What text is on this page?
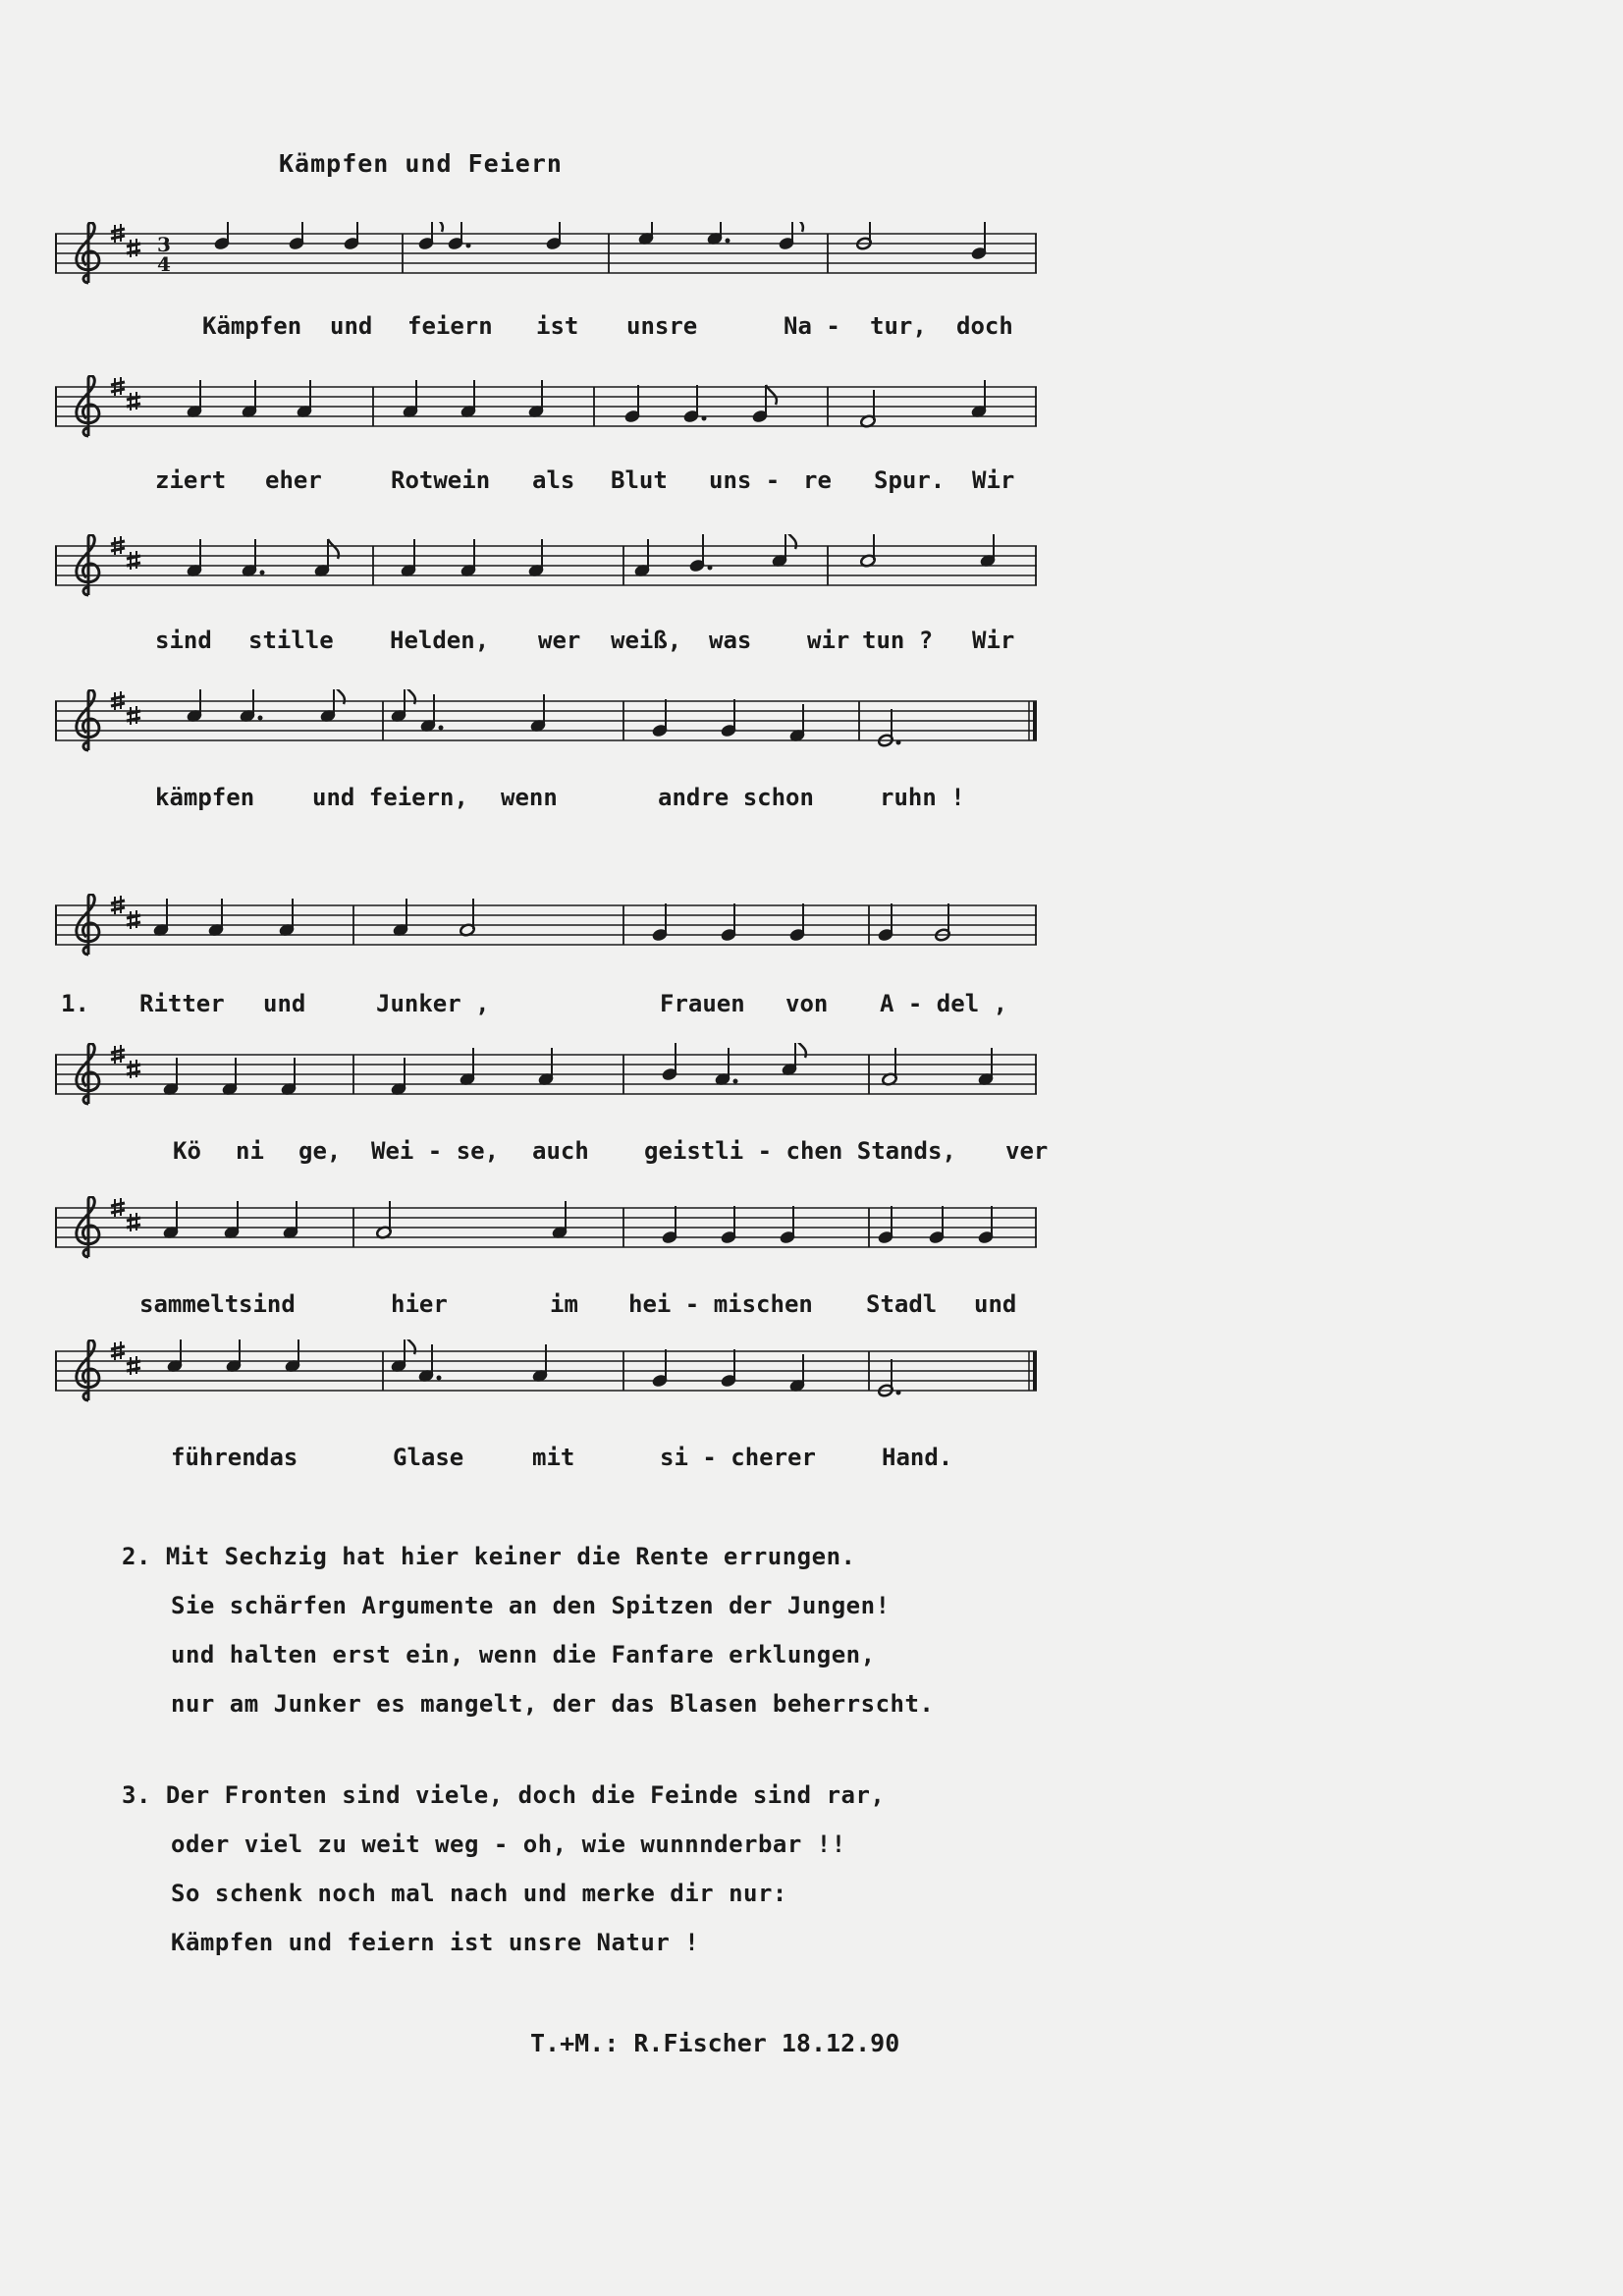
Kämpfen und Feiern
3
4
Kämpfen und feiern ist unsre	Na - tur, doch
ziert eher	Rotwein als Blut uns - re Spur. Wir
sind stille Helden, wer weiß, was wir tun ? Wir
kämpfen und feiern, wenn	andre schon	ruhn !
1. Ritter und	Junker ,	Frauen von A - del ,
Kö ni ge, Wei - se, auch geistli - chen Stands, ver
sammelt sind	hier	im hei - mischen Stadl und
führen das	Glase	mit	si - cherer	Hand.
2. Mit Sechzig hat hier keiner die Rente errungen.
Sie schärfen Argumente an den Spitzen der Jungen!
und halten erst ein, wenn die Fanfare erklungen,
nur am Junker es mangelt, der das Blasen beherrscht.
3. Der Fronten sind viele, doch die Feinde sind rar,
oder viel zu weit weg - oh, wie wunnnderbar !!
So schenk noch mal nach und merke dir nur:
Kämpfen und feiern ist unsre Natur !
T.+M.: R.Fischer 18.12.90
